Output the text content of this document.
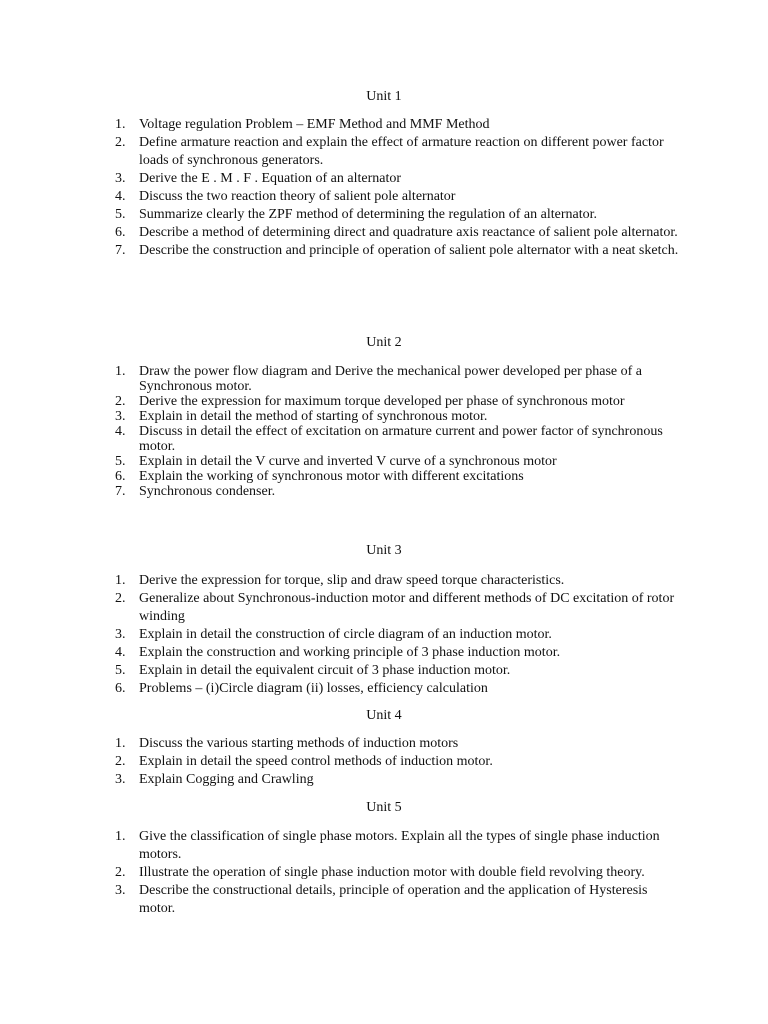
Unit 1
1. Voltage regulation Problem – EMF Method and MMF Method
2. Define armature reaction and explain the effect of armature reaction on different power factor loads of synchronous generators.
3. Derive the E . M . F . Equation of an alternator
4. Discuss the two reaction theory of salient pole alternator
5. Summarize clearly the ZPF method of determining the regulation of an alternator.
6. Describe a method of determining direct and quadrature axis reactance of salient pole alternator.
7. Describe the construction and principle of operation of salient pole alternator with a neat sketch.
Unit 2
1. Draw the power flow diagram and Derive the mechanical power developed per phase of a Synchronous motor.
2. Derive the expression for maximum torque developed per phase of synchronous motor
3. Explain in detail the method of starting of synchronous motor.
4. Discuss in detail the effect of excitation on armature current and power factor of synchronous motor.
5. Explain in detail the V curve and inverted V curve of a synchronous motor
6. Explain the working of synchronous motor with different excitations
7. Synchronous condenser.
Unit 3
1. Derive the expression for torque, slip and draw speed torque characteristics.
2. Generalize about Synchronous-induction motor and different methods of DC excitation of rotor winding
3. Explain in detail the construction of circle diagram of an induction motor.
4. Explain the construction and working principle of 3 phase induction motor.
5. Explain in detail the equivalent circuit of 3 phase induction motor.
6. Problems – (i)Circle diagram (ii) losses, efficiency calculation
Unit 4
1. Discuss the various starting methods of induction motors
2. Explain in detail the speed control methods of induction motor.
3. Explain Cogging and Crawling
Unit 5
1. Give the classification of single phase motors. Explain all the types of single phase induction motors.
2. Illustrate the operation of single phase induction motor with double field revolving theory.
3. Describe the constructional details, principle of operation and the application of Hysteresis motor.
